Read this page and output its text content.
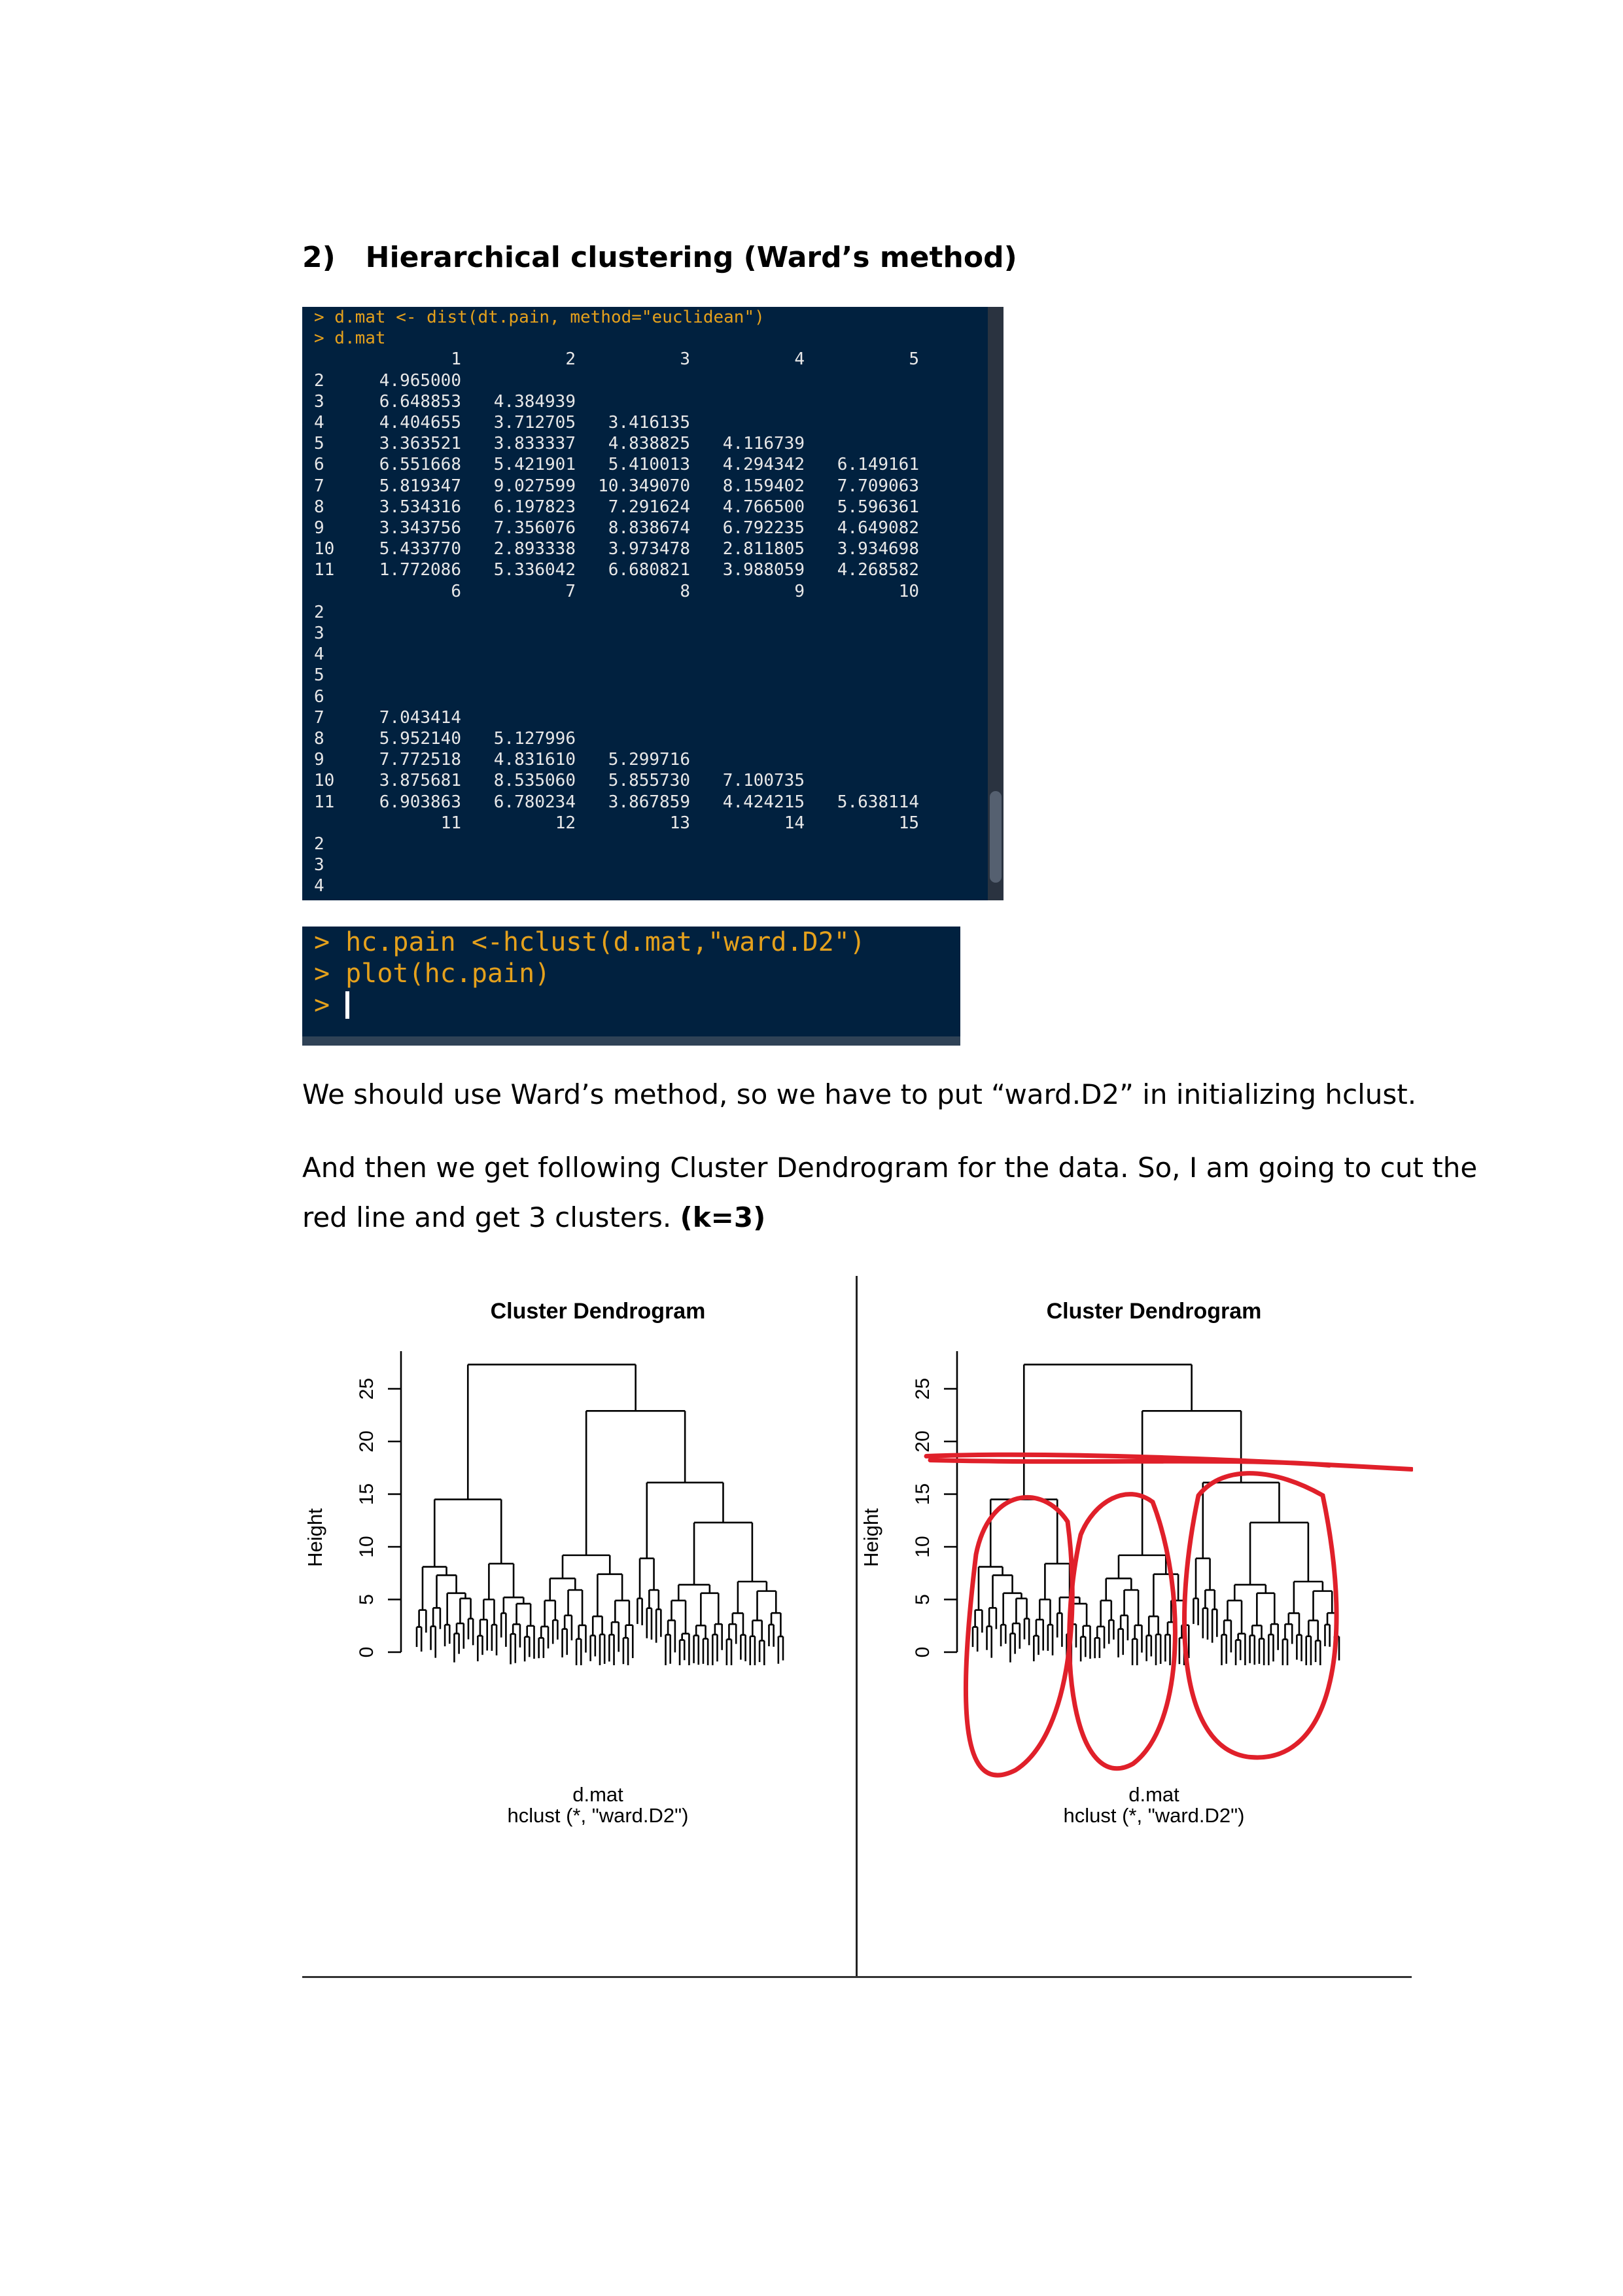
2)   Hierarchical clustering (Ward’s method)
> d.mat <- dist(dt.pain, method="euclidean")
> d.mat
1	2	3	4	5
2	4.965000
3	6.648853	4.384939
4	4.404655	3.712705	3.416135
5	3.363521	3.833337	4.838825	4.116739
6	6.551668	5.421901	5.410013	4.294342	6.149161
7	5.819347	9.027599	10.349070	8.159402	7.709063
8	3.534316	6.197823	7.291624	4.766500	5.596361
9	3.343756	7.356076	8.838674	6.792235	4.649082
10	5.433770	2.893338	3.973478	2.811805	3.934698
11	1.772086	5.336042	6.680821	3.988059	4.268582
6	7	8	9	10
2
3
4
5
6
7	7.043414
8	5.952140	5.127996
9	7.772518	4.831610	5.299716
10	3.875681	8.535060	5.855730	7.100735
11	6.903863	6.780234	3.867859	4.424215	5.638114
11	12	13	14	15
2
3
4
> hc.pain <-hclust(d.mat,"ward.D2")
> plot(hc.pain)
>
We should use Ward’s method, so we have to put “ward.D2” in initializing hclust.
And then we get following Cluster Dendrogram for the data. So, I am going to cut the
red line and get 3 clusters. (k=3)
0
5
10
15
20
25
Cluster Dendrogram
Height
d.mat
hclust (*, "ward.D2")
0
5
10
15
20
25
Cluster Dendrogram
Height
d.mat
hclust (*, "ward.D2")
